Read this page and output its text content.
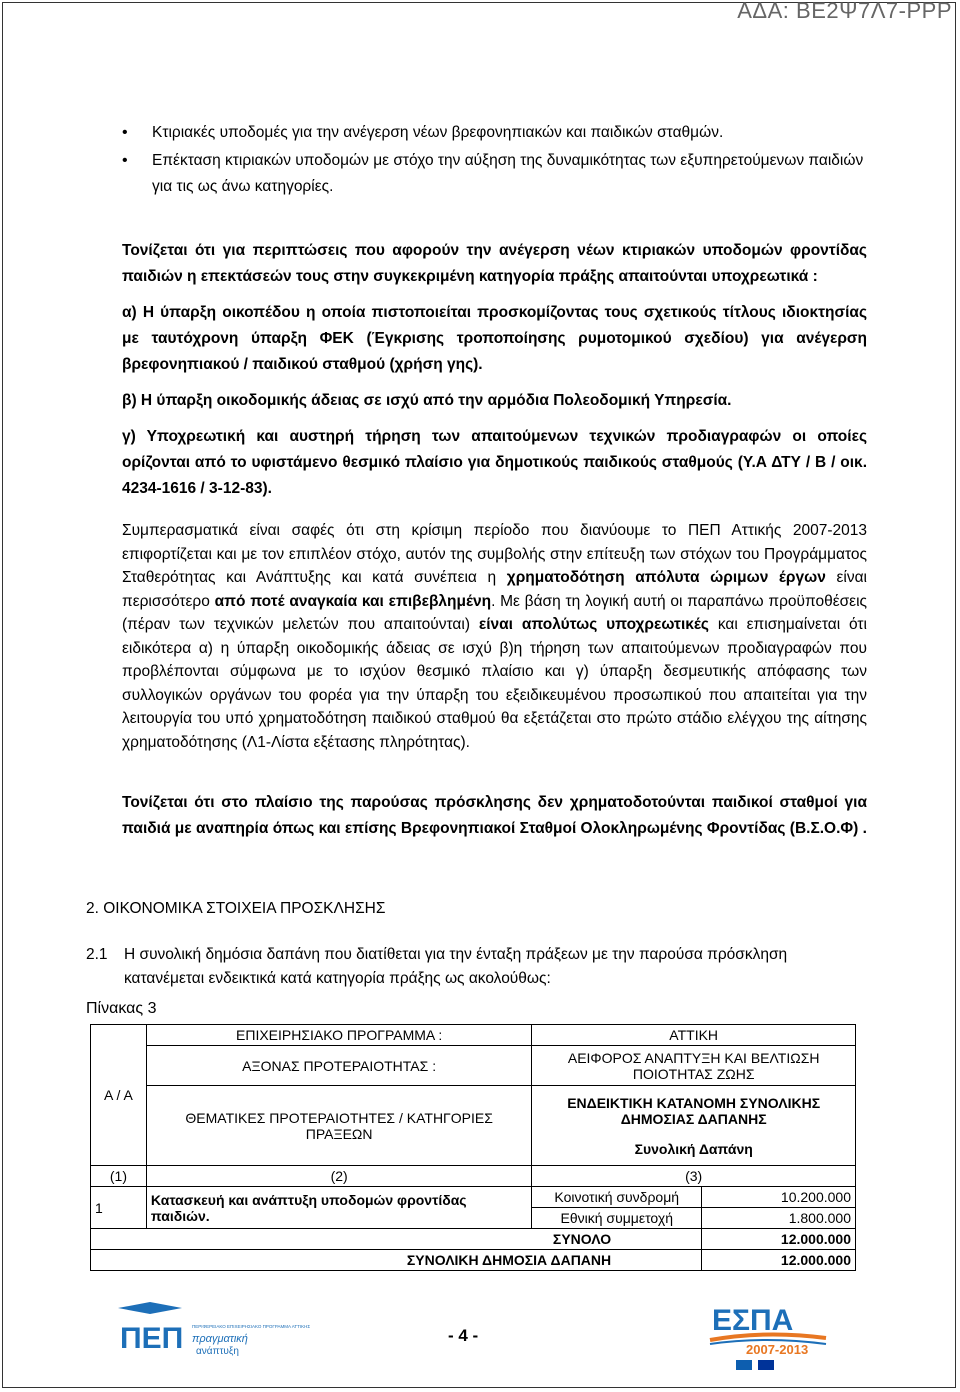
ΑΔΑ: ΒΕ2Ψ7Λ7-ΡΡΡ
• Κτιριακές υποδομές για την ανέγερση νέων βρεφονηπιακών και παιδικών σταθμών.
• Επέκταση κτιριακών υποδομών με στόχο την αύξηση της δυναμικότητας των εξυπηρετούμενων παιδιών για τις ως άνω κατηγορίες.

Τονίζεται ότι για περιπτώσεις που αφορούν την ανέγερση νέων κτιριακών υποδομών φροντίδας παιδιών η επεκτάσεών τους στην συγκεκριμένη κατηγορία πράξης απαιτούνται υποχρεωτικά :

α) Η ύπαρξη οικοπέδου η οποία πιστοποιείται προσκομίζοντας τους σχετικούς τίτλους ιδιοκτησίας με ταυτόχρονη ύπαρξη ΦΕΚ (Έγκρισης τροποποίησης ρυμοτομικού σχεδίου) για ανέγερση βρεφονηπιακού / παιδικού σταθμού (χρήση γης).

β) Η ύπαρξη οικοδομικής άδειας σε ισχύ από την αρμόδια Πολεοδομική Υπηρεσία.

γ) Υποχρεωτική και αυστηρή τήρηση των απαιτούμενων τεχνικών προδιαγραφών οι οποίες ορίζονται από το υφιστάμενο θεσμικό πλαίσιο για δημοτικούς παιδικούς σταθμούς (Υ.Α ΔΤΥ / Β / οικ. 4234-1616 / 3-12-83).

Συμπερασματικά είναι σαφές ότι στη κρίσιμη περίοδο που διανύουμε το ΠΕΠ Αττικής 2007-2013 επιφορτίζεται και με τον επιπλέον στόχο, αυτόν της συμβολής στην επίτευξη των στόχων του Προγράμματος Σταθερότητας και Ανάπτυξης και κατά συνέπεια η χρηματοδότηση απόλυτα ώριμων έργων είναι περισσότερο από ποτέ αναγκαία και επιβεβλημένη. Με βάση τη λογική αυτή οι παραπάνω προϋποθέσεις (πέραν των τεχνικών μελετών που απαιτούνται) είναι απολύτως υποχρεωτικές και επισημαίνεται ότι ειδικότερα α) η ύπαρξη οικοδομικής άδειας σε ισχύ β)η τήρηση των απαιτούμενων προδιαγραφών που προβλέπονται σύμφωνα με το ισχύον θεσμικό πλαίσιο και γ) ύπαρξη δεσμευτικής απόφασης των συλλογικών οργάνων του φορέα για την ύπαρξη του εξειδικευμένου προσωπικού που απαιτείται για την λειτουργία του υπό χρηματοδότηση παιδικού σταθμού θα εξετάζεται στο πρώτο στάδιο ελέγχου της αίτησης χρηματοδότησης (Λ1-Λίστα εξέτασης πληρότητας).

Τονίζεται ότι στο πλαίσιο της παρούσας πρόσκλησης δεν χρηματοδοτούνται παιδικοί σταθμοί για παιδιά με αναπηρία όπως και επίσης Βρεφονηπιακοί Σταθμοί Ολοκληρωμένης Φροντίδας (Β.Σ.Ο.Φ) .
2. ΟΙΚΟΝΟΜΙΚΑ ΣΤΟΙΧΕΙΑ ΠΡΟΣΚΛΗΣΗΣ
2.1	Η συνολική δημόσια δαπάνη που διατίθεται για την ένταξη πράξεων με την παρούσα πρόσκληση κατανέμεται ενδεικτικά κατά κατηγορία πράξης ως ακολούθως:
Πίνακας 3
Α / Α	ΕΠΙΧΕΙΡΗΣΙΑΚΟ ΠΡΟΓΡΑΜΜΑ :	ΑΤΤΙΚΗ	
	ΑΞΟΝΑΣ ΠΡΟΤΕΡΑΙΟΤΗΤΑΣ :	ΑΕΙΦΟΡΟΣ ΑΝΑΠΤΥΞΗ ΚΑΙ ΒΕΛΤΙΩΣΗ ΠΟΙΟΤΗΤΑΣ ΖΩΗΣ	
	ΘΕΜΑΤΙΚΕΣ ΠΡΟΤΕΡΑΙΟΤΗΤΕΣ / ΚΑΤΗΓΟΡΙΕΣ ΠΡΑΞΕΩΝ	ΕΝΔΕΙΚΤΙΚΗ ΚΑΤΑΝΟΜΗ ΣΥΝΟΛΙΚΗΣ ΔΗΜΟΣΙΑΣ ΔΑΠΑΝΗΣ
Συνολική Δαπάνη	

(1)	(2)	(3)	
1	Κατασκευή και ανάπτυξη υποδομών φροντίδας παιδιών.	Κοινοτική συνδρομή	10.200.000
		Εθνική συμμετοχή	1.800.000
ΣΥΝΟΛΟ			12.000.000
ΣΥΝΟΛΙΚΗ ΔΗΜΟΣΙΑ ΔΑΠΑΝΗ			12.000.000
ΠΕΠ ΠΕΡΙΦΕΡΕΙΑΚΟ ΕΠΙΧΕΙΡΗΣΙΑΚΟ ΠΡΟΓΡΑΜΜΑ ΑΤΤΙΚΗΣ
πραγματική
ανάπτυξη
- 4 -	ΕΣΠΑ
2007-2013
